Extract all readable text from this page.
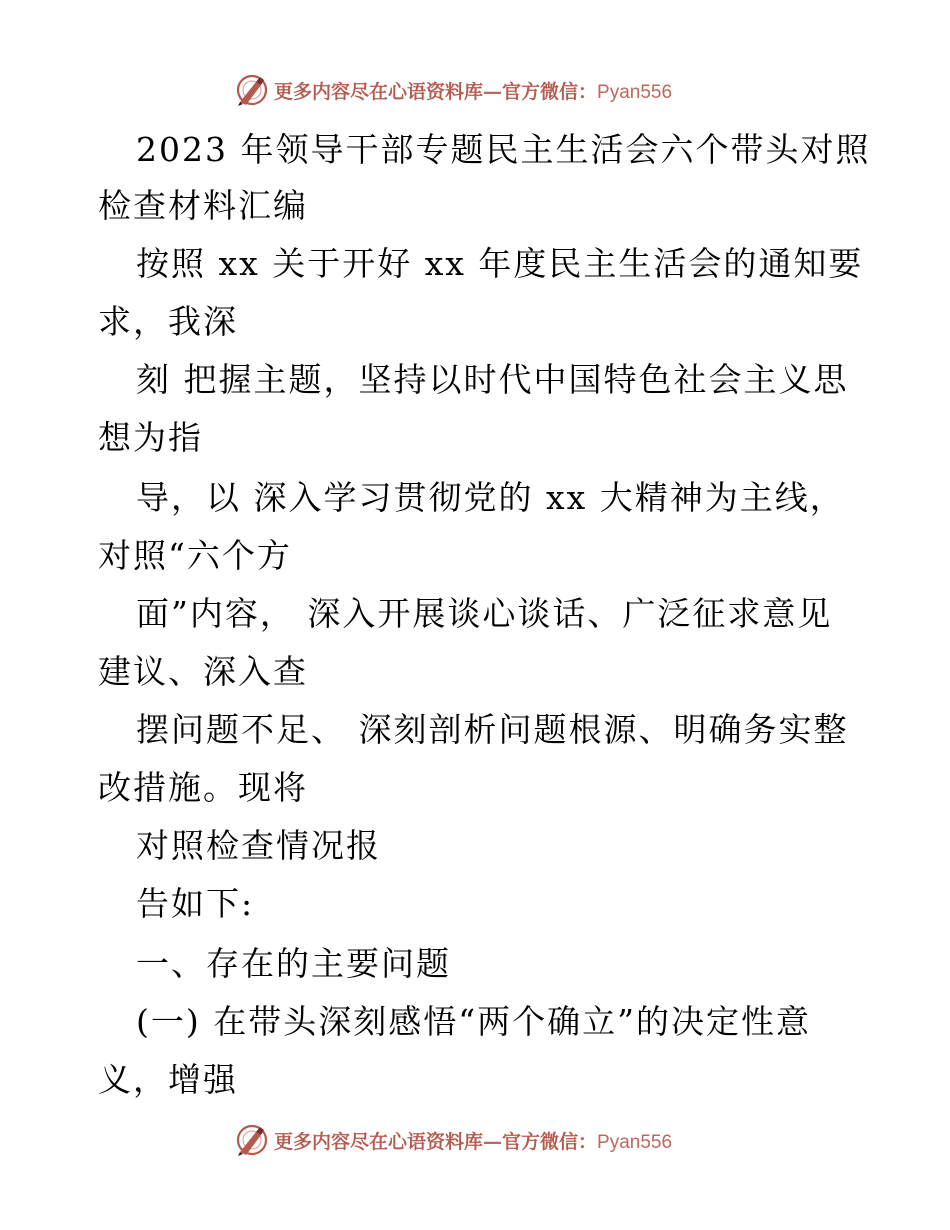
更多内容尽在心语资料库—官方微信：Pyan556
2023 年领导干部专题民主生活会六个带头对照
检查材料汇编
按照 xx 关于开好 xx 年度民主生活会的通知要
求，我深
刻 把握主题，坚持以时代中国特色社会主义思
想为指
导，以 深入学习贯彻党的 xx 大精神为主线，
对照“六个方
面”内容， 深入开展谈心谈话、广泛征求意见
建议、深入查
摆问题不足、 深刻剖析问题根源、明确务实整
改措施。现将
对照检查情况报
告如下:
一、存在的主要问题
(一) 在带头深刻感悟“两个确立”的决定性意
义，增强
更多内容尽在心语资料库—官方微信：Pyan556
